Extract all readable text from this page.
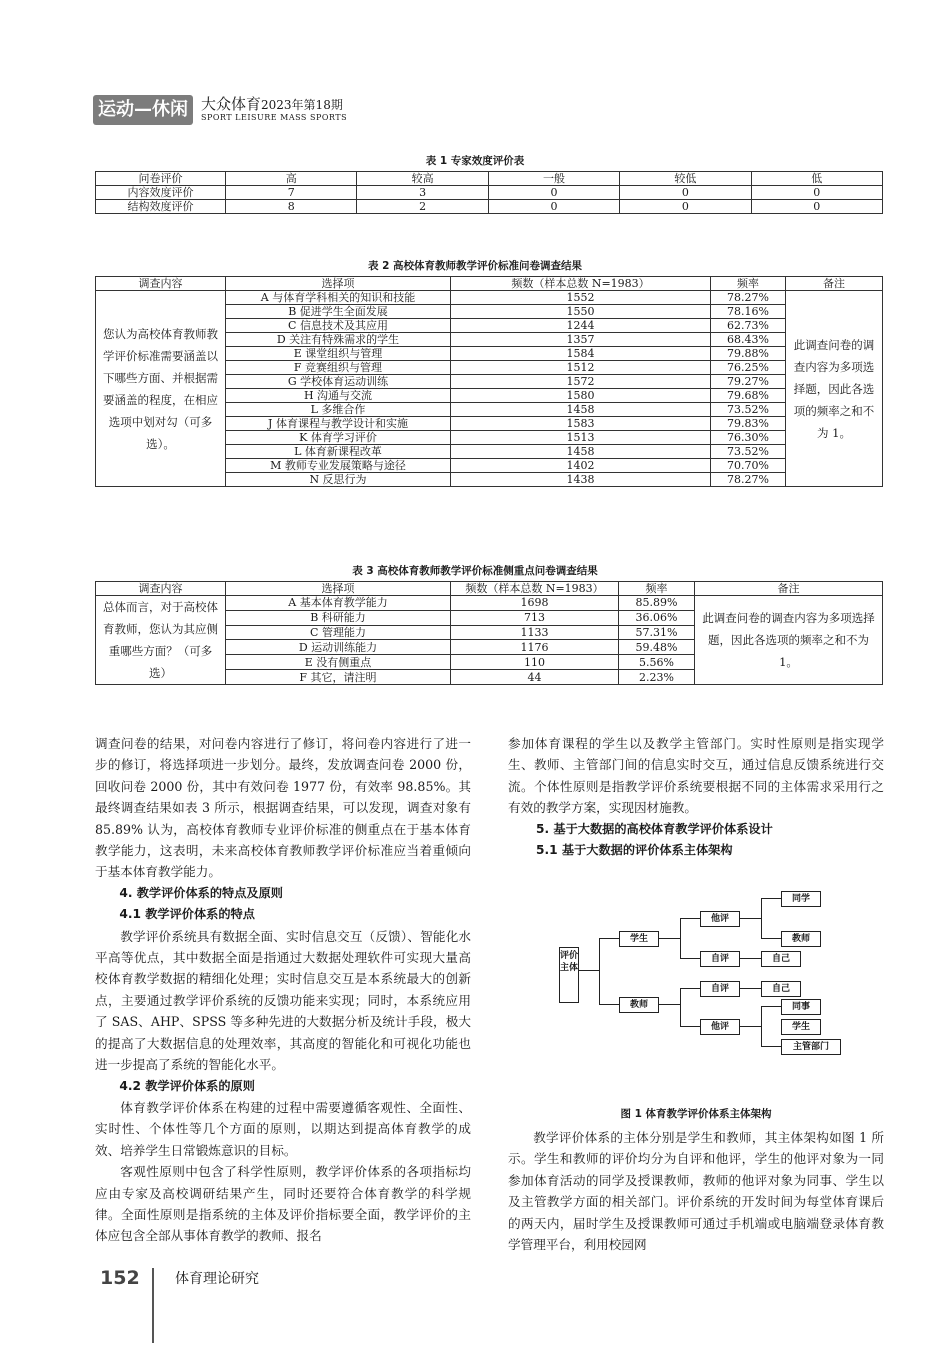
运动—休闲 大众体育2023年第18期
SPORT LEISURE MASS SPORTS
表 1 专家效度评价表
问卷评价	高	较高	一般	较低	低
内容效度评价	7	3	0	0	0
结构效度评价	8	2	0	0	0
表 2 高校体育教师教学评价标准问卷调查结果
调查内容	选择项	频数（样本总数 N=1983）	频率	备注
您认为高校体育教师教学评价标准需要涵盖以下哪些方面、并根据需要涵盖的程度，在相应选项中划对勾（可多选）。	A 与体育学科相关的知识和技能	1552	78.27%	此调查问卷的调查内容为多项选择题，因此各选项的频率之和不为 1。
	B 促进学生全面发展	1550	78.16%	
	C 信息技术及其应用	1244	62.73%	
	D 关注有特殊需求的学生	1357	68.43%	
	E 课堂组织与管理	1584	79.88%	
	F 竞赛组织与管理	1512	76.25%	
	G 学校体育运动训练	1572	79.27%	
	H 沟通与交流	1580	79.68%	
	L 多维合作	1458	73.52%	
	J 体育课程与教学设计和实施	1583	79.83%	
	K 体育学习评价	1513	76.30%	
	L 体育新课程改革	1458	73.52%	
	M 教师专业发展策略与途径	1402	70.70%	
	N 反思行为	1438	78.27%	
表 3 高校体育教师教学评价标准侧重点问卷调查结果
调查内容	选择项	频数（样本总数 N=1983）	频率	备注
总体而言，对于高校体育教师，您认为其应侧重哪些方面？（可多选）	A 基本体育教学能力	1698	85.89%	此调查问卷的调查内容为多项选择题，因此各选项的频率之和不为 1。
	B 科研能力	713	36.06%	
	C 管理能力	1133	57.31%	
	D 运动训练能力	1176	59.48%	
	E 没有侧重点	110	5.56%	
	F 其它，请注明	44	2.23%	

调查问卷的结果，对问卷内容进行了修订，将问卷内容进行了进一步的修订，将选择项进一步划分。最终，发放调查问卷 2000 份，回收问卷 2000 份，其中有效问卷 1977 份，有效率 98.85%。其最终调查结果如表 3 所示，根据调查结果，可以发现，调查对象有 85.89% 认为，高校体育教师专业评价标准的侧重点在于基本体育教学能力，这表明，未来高校体育教师教学评价标准应当着重倾向于基本体育教学能力。

4. 教学评价体系的特点及原则
4.1 教学评价体系的特点

教学评价系统具有数据全面、实时信息交互（反馈）、智能化水平高等优点，其中数据全面是指通过大数据处理软件可实现大量高校体育教学数据的精细化处理；实时信息交互是本系统最大的创新点，主要通过教学评价系统的反馈功能来实现；同时，本系统应用了 SAS、AHP、SPSS 等多种先进的大数据分析及统计手段，极大的提高了大数据信息的处理效率，其高度的智能化和可视化功能也进一步提高了系统的智能化水平。

4.2 教学评价体系的原则

体育教学评价体系在构建的过程中需要遵循客观性、全面性、实时性、个体性等几个方面的原则，以期达到提高体育教学的成效、培养学生日常锻炼意识的目标。

客观性原则中包含了科学性原则，教学评价体系的各项指标均应由专家及高校调研结果产生，同时还要符合体育教学的科学规律。全面性原则是指系统的主体及评价指标要全面，教学评价的主体应包含全部从事体育教学的教师、报名

参加体育课程的学生以及教学主管部门。实时性原则是指实现学生、教师、主管部门间的信息实时交互，通过信息反馈系统进行交流。个体性原则是指教学评价系统要根据不同的主体需求采用行之有效的教学方案，实现因材施教。

5. 基于大数据的高校体育教学评价体系设计
5.1 基于大数据的评价体系主体架构
评价主体
学生
他评
自评
同学
教师
自己
教师
自评	自己
他评
同事
学生
主管部门
图 1 体育教学评价体系主体架构

教学评价体系的主体分别是学生和教师，其主体架构如图 1 所示。学生和教师的评价均分为自评和他评，学生的他评对象为一同参加体育活动的同学及授课教师，教师的他评对象为同事、学生以及主管教学方面的相关部门。评价系统的开发时间为每堂体育课后的两天内，届时学生及授课教师可通过手机端或电脑端登录体育教学管理平台，利用校园网

152	体育理论研究
